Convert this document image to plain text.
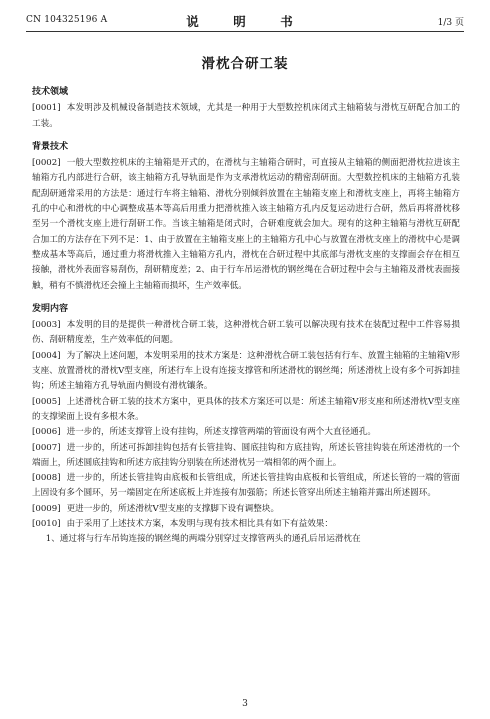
CN 104325196 A	说　明　书	1/3 页
滑枕合研工装
技术领域

[0001] 本发明涉及机械设备制造技术领域，尤其是一种用于大型数控机床闭式主轴箱装与滑枕互研配合加工的工装。

背景技术

[0002] 一般大型数控机床的主轴箱是开式的，在滑枕与主轴箱合研时，可直接从主轴箱的侧面把滑枕拉进该主轴箱方孔内部进行合研，该主轴箱方孔导轨面是作为支承滑枕运动的精密刮研面。大型数控机床的主轴箱方孔装配刮研通常采用的方法是：通过行车将主轴箱、滑枕分别倾斜放置在主轴箱支座上和滑枕支座上，再将主轴箱方孔的中心和滑枕的中心调整成基本等高后用重力把滑枕推入该主轴箱方孔内反复运动进行合研，然后再将滑枕移至另一个滑枕支座上进行刮研工作。当该主轴箱是闭式时，合研难度就会加大。现有的这种主轴箱与滑枕互研配合加工的方法存在下列不足：1、由于放置在主轴箱支座上的主轴箱方孔中心与放置在滑枕支座上的滑枕中心是调整成基本等高后，通过重力将滑枕推入主轴箱方孔内，滑枕在合研过程中其底部与滑枕支座的支撑面会存在相互接触，滑枕外表面容易刮伤，刮研精度差；2、由于行车吊运滑枕的钢丝绳在合研过程中会与主轴箱及滑枕表面接触，稍有不慎滑枕还会撞上主轴箱而损坏，生产效率低。

发明内容

[0003] 本发明的目的是提供一种滑枕合研工装，这种滑枕合研工装可以解决现有技术在装配过程中工件容易损伤、刮研精度差，生产效率低的问题。

[0004] 为了解决上述问题，本发明采用的技术方案是：这种滑枕合研工装包括有行车、放置主轴箱的主轴箱V形支座、放置滑枕的滑枕V型支座，所述行车上设有连接支撑管和所述滑枕的钢丝绳；所述滑枕上设有多个可拆卸挂钩；所述主轴箱方孔导轨面内侧设有滑枕镶条。

[0005] 上述滑枕合研工装的技术方案中，更具体的技术方案还可以是：所述主轴箱V形支座和所述滑枕V型支座的支撑梁面上设有多根木条。

[0006] 进一步的，所述支撑管上设有挂钩，所述支撑管两端的管面设有两个大直径通孔。

[0007] 进一步的，所述可拆卸挂钩包括有长管挂钩、圆底挂钩和方底挂钩，所述长管挂钩装在所述滑枕的一个端面上，所述圆底挂钩和所述方底挂钩分别装在所述滑枕另一端相邻的两个面上。

[0008] 进一步的，所述长管挂钩由底板和长管组成，所述长管挂钩由底板和长管组成，所述长管的一端的管面上固设有多个圆环，另一端固定在所述底板上并连接有加强筋；所述长管穿出所述主轴箱并露出所述圆环。

[0009] 更进一步的，所述滑枕V型支座的支撑脚下设有调整块。

[0010] 由于采用了上述技术方案，本发明与现有技术相比具有如下有益效果：

1、通过将与行车吊钩连接的钢丝绳的两端分别穿过支撑管两头的通孔后吊运滑枕在

3
